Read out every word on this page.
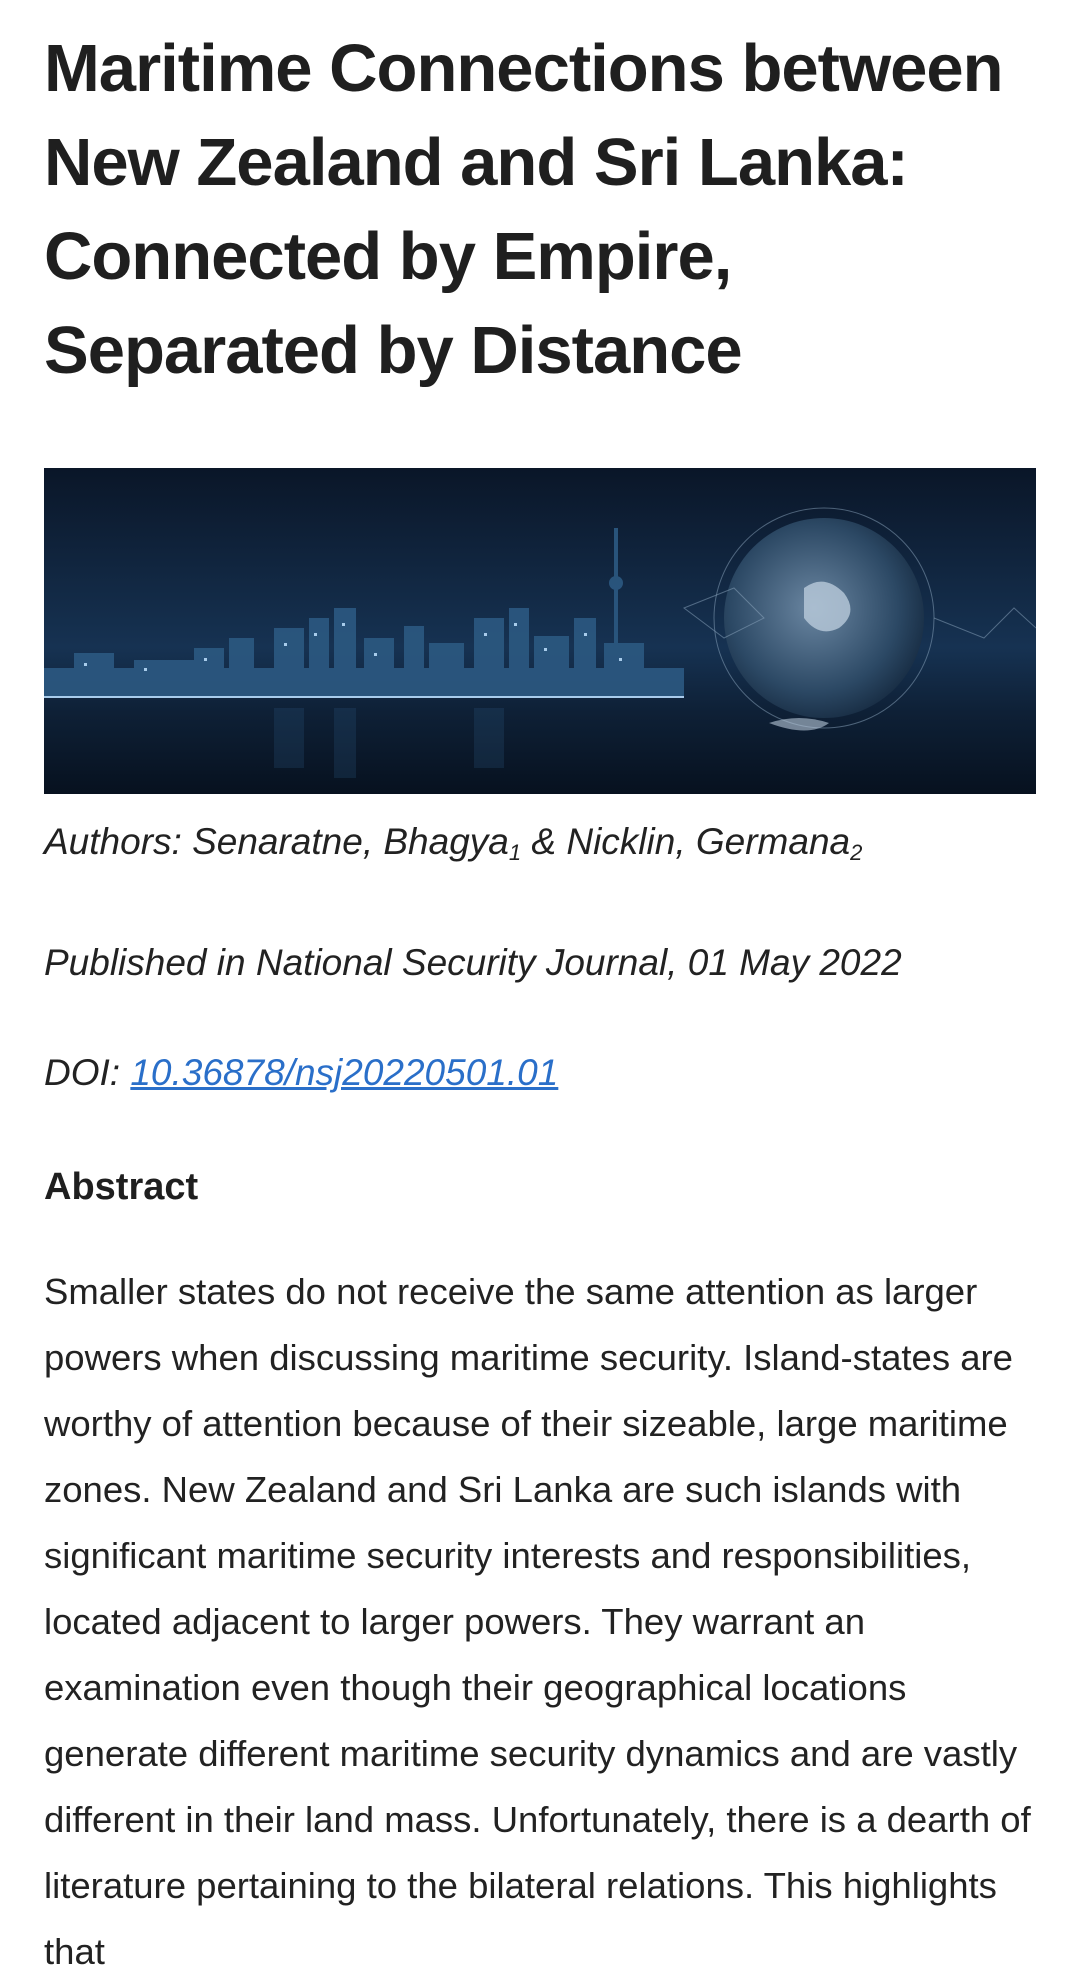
Maritime Connections between New Zealand and Sri Lanka: Connected by Empire, Separated by Distance

Authors: Senaratne, Bhagya$_1$ & Nicklin, Germana$_2$

Published in National Security Journal, 01 May 2022

DOI: 10.36878/nsj20220501.01

Abstract

Smaller states do not receive the same attention as larger powers when discussing maritime security. Island-states are worthy of attention because of their sizeable, large maritime zones. New Zealand and Sri Lanka are such islands with significant maritime security interests and responsibilities, located adjacent to larger powers. They warrant an examination even though their geographical locations generate different maritime security dynamics and are vastly different in their land mass. Unfortunately, there is a dearth of literature pertaining to the bilateral relations. This highlights that
